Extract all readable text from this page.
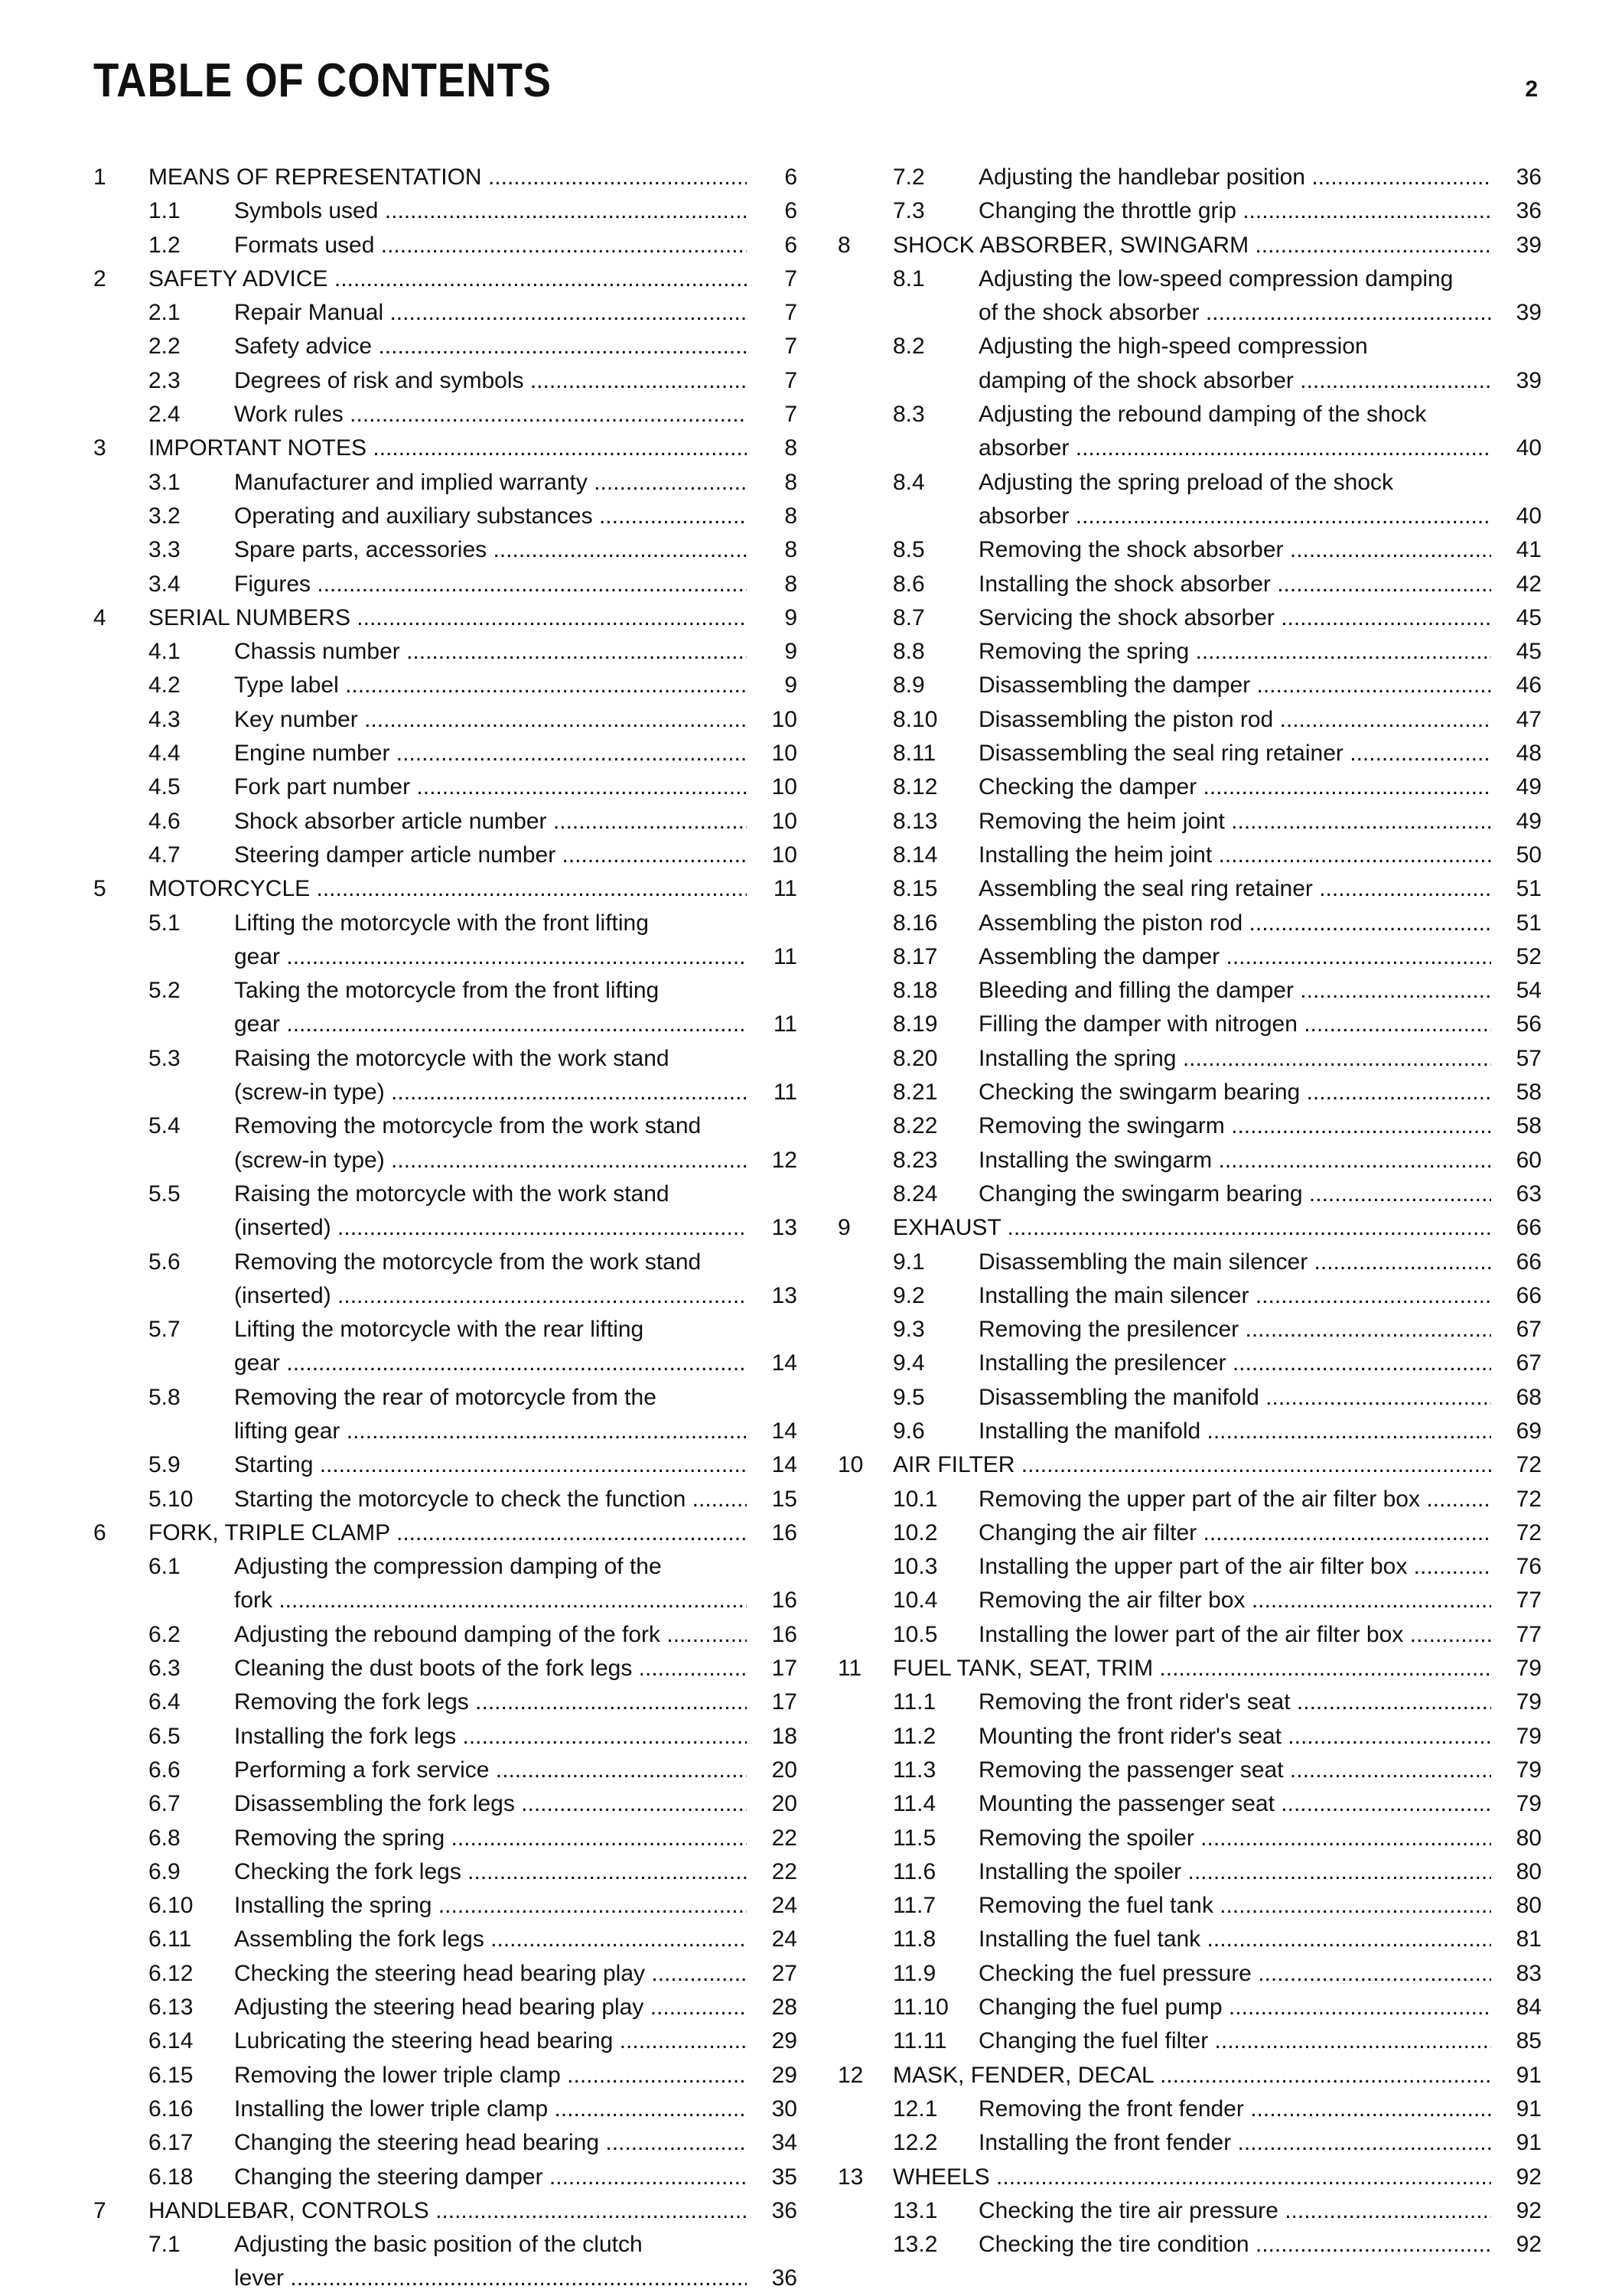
TABLE OF CONTENTS	2
1 MEANS OF REPRESENTATION .....	6
1.1 Symbols used .....	6
1.2 Formats used .....	6
2 SAFETY ADVICE .....	7
2.1 Repair Manual .....	7
2.2 Safety advice .....	7
2.3 Degrees of risk and symbols .....	7
2.4 Work rules .....	7
3 IMPORTANT NOTES .....	8
3.1 Manufacturer and implied warranty .....	8
3.2 Operating and auxiliary substances .....	8
3.3 Spare parts, accessories .....	8
3.4 Figures .....	8
4 SERIAL NUMBERS .....	9
4.1 Chassis number .....	9
4.2 Type label .....	9
4.3 Key number .....	10
4.4 Engine number .....	10
4.5 Fork part number .....	10
4.6 Shock absorber article number .....	10
4.7 Steering damper article number .....	10
5 MOTORCYCLE .....	11
5.1 Lifting the motorcycle with the front lifting
gear .....	11
5.2 Taking the motorcycle from the front lifting
gear .....	11
5.3 Raising the motorcycle with the work stand
(screw-in type) .....	11
5.4 Removing the motorcycle from the work stand
(screw-in type) .....	12
5.5 Raising the motorcycle with the work stand
(inserted) .....	13
5.6 Removing the motorcycle from the work stand
(inserted) .....	13
5.7 Lifting the motorcycle with the rear lifting
gear .....	14
5.8 Removing the rear of motorcycle from the
lifting gear .....	14
5.9 Starting .....	14
5.10 Starting the motorcycle to check the function .....	15
6 FORK, TRIPLE CLAMP .....	16
6.1 Adjusting the compression damping of the
fork .....	16
6.2 Adjusting the rebound damping of the fork .....	16
6.3 Cleaning the dust boots of the fork legs .....	17
6.4 Removing the fork legs .....	17
6.5 Installing the fork legs .....	18
6.6 Performing a fork service .....	20
6.7 Disassembling the fork legs .....	20
6.8 Removing the spring .....	22
6.9 Checking the fork legs .....	22
6.10 Installing the spring .....	24
6.11 Assembling the fork legs .....	24
6.12 Checking the steering head bearing play .....	27
6.13 Adjusting the steering head bearing play .....	28
6.14 Lubricating the steering head bearing .....	29
6.15 Removing the lower triple clamp .....	29
6.16 Installing the lower triple clamp .....	30
6.17 Changing the steering head bearing .....	34
6.18 Changing the steering damper .....	35
7 HANDLEBAR, CONTROLS .....	36
7.1 Adjusting the basic position of the clutch
lever .....	36
7.2 Adjusting the handlebar position .....	36
7.3 Changing the throttle grip .....	36
8 SHOCK ABSORBER, SWINGARM .....	39
8.1 Adjusting the low-speed compression damping
of the shock absorber .....	39
8.2 Adjusting the high-speed compression
damping of the shock absorber .....	39
8.3 Adjusting the rebound damping of the shock
absorber .....	40
8.4 Adjusting the spring preload of the shock
absorber .....	40
8.5 Removing the shock absorber .....	41
8.6 Installing the shock absorber .....	42
8.7 Servicing the shock absorber .....	45
8.8 Removing the spring .....	45
8.9 Disassembling the damper .....	46
8.10 Disassembling the piston rod .....	47
8.11 Disassembling the seal ring retainer .....	48
8.12 Checking the damper .....	49
8.13 Removing the heim joint .....	49
8.14 Installing the heim joint .....	50
8.15 Assembling the seal ring retainer .....	51
8.16 Assembling the piston rod .....	51
8.17 Assembling the damper .....	52
8.18 Bleeding and filling the damper .....	54
8.19 Filling the damper with nitrogen .....	56
8.20 Installing the spring .....	57
8.21 Checking the swingarm bearing .....	58
8.22 Removing the swingarm .....	58
8.23 Installing the swingarm .....	60
8.24 Changing the swingarm bearing .....	63
9 EXHAUST .....	66
9.1 Disassembling the main silencer .....	66
9.2 Installing the main silencer .....	66
9.3 Removing the presilencer .....	67
9.4 Installing the presilencer .....	67
9.5 Disassembling the manifold .....	68
9.6 Installing the manifold .....	69
10 AIR FILTER .....	72
10.1 Removing the upper part of the air filter box .....	72
10.2 Changing the air filter .....	72
10.3 Installing the upper part of the air filter box .....	76
10.4 Removing the air filter box .....	77
10.5 Installing the lower part of the air filter box .....	77
11 FUEL TANK, SEAT, TRIM .....	79
11.1 Removing the front rider's seat .....	79
11.2 Mounting the front rider's seat .....	79
11.3 Removing the passenger seat .....	79
11.4 Mounting the passenger seat .....	79
11.5 Removing the spoiler .....	80
11.6 Installing the spoiler .....	80
11.7 Removing the fuel tank .....	80
11.8 Installing the fuel tank .....	81
11.9 Checking the fuel pressure .....	83
11.10 Changing the fuel pump .....	84
11.11 Changing the fuel filter .....	85
12 MASK, FENDER, DECAL .....	91
12.1 Removing the front fender .....	91
12.2 Installing the front fender .....	91
13 WHEELS .....	92
13.1 Checking the tire air pressure .....	92
13.2 Checking the tire condition .....	92
